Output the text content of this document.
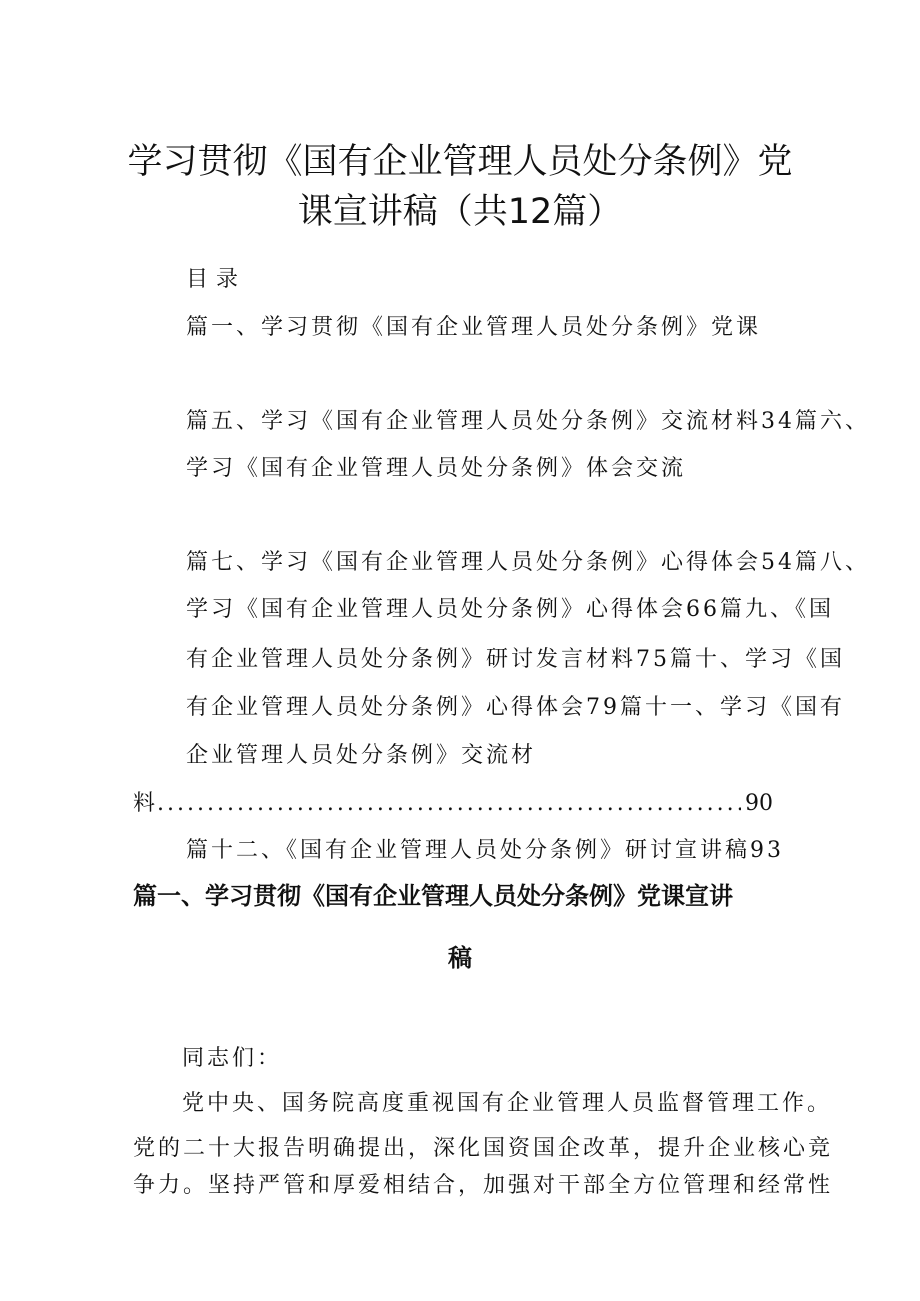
学习贯彻《国有企业管理人员处分条例》党
课宣讲稿（共12篇）

目录

篇一、学习贯彻《国有企业管理人员处分条例》党课

篇五、学习《国有企业管理人员处分条例》交流材料34篇六、

学习《国有企业管理人员处分条例》体会交流

篇七、学习《国有企业管理人员处分条例》心得体会54篇八、

学习《国有企业管理人员处分条例》心得体会66篇九、《国

有企业管理人员处分条例》研讨发言材料75篇十、学习《国

有企业管理人员处分条例》心得体会79篇十一、学习《国有

企业管理人员处分条例》交流材

料
.....	90

篇十二、《国有企业管理人员处分条例》研讨宣讲稿93

篇一、学习贯彻《国有企业管理人员处分条例》党课宣讲
稿

同志们：

党中央、国务院高度重视国有企业管理人员监督管理工作。

党的二十大报告明确提出，深化国资国企改革，提升企业核心竞

争力。坚持严管和厚爱相结合，加强对干部全方位管理和经常性
